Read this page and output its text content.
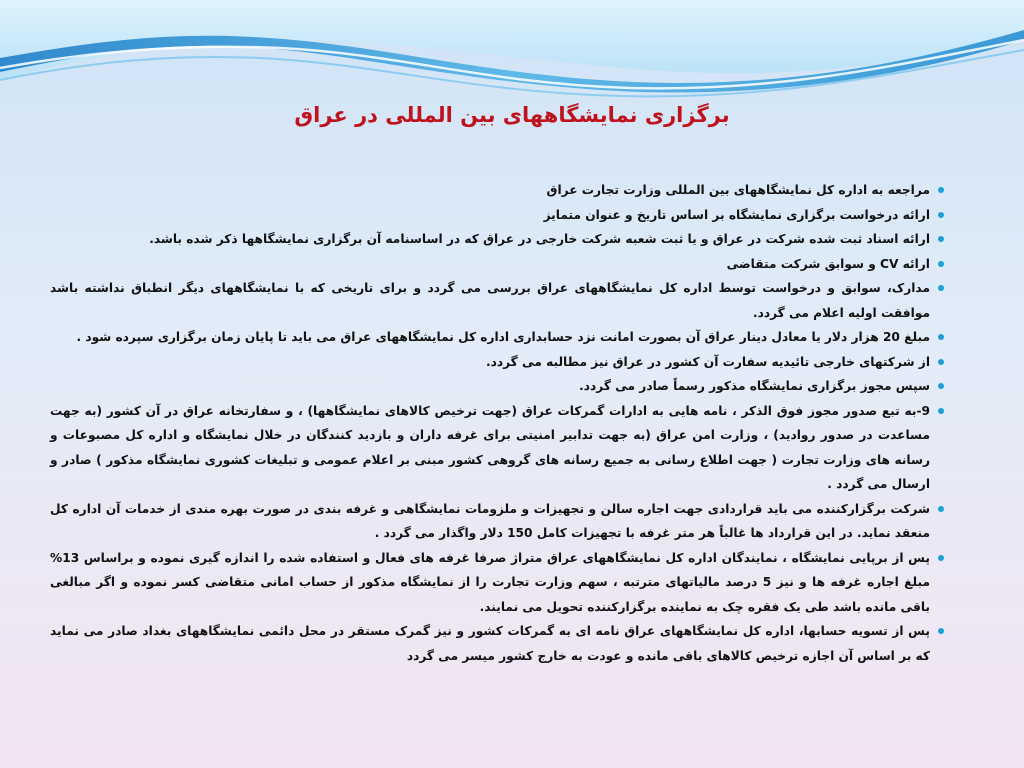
برگزاری نمایشگاههای بین المللی در عراق
مراجعه به اداره کل نمایشگاههای بین المللی وزارت تجارت عراق
ارائه درخواست برگزاری نمایشگاه بر اساس تاریخ و عنوان متمایز
ارائه اسناد ثبت شده شرکت در عراق و یا ثبت شعبه شرکت خارجی در عراق که در اساسنامه آن برگزاری نمایشگاهها ذکر شده باشد.
ارائه CV و سوابق شرکت متقاضی
مدارک، سوابق و درخواست توسط اداره کل نمایشگاههای عراق بررسی می گردد و برای تاریخی که با نمایشگاههای دیگر انطباق نداشته باشد موافقت اولیه اعلام می گردد.
مبلغ 20 هزار دلار یا معادل دینار عراق آن بصورت امانت نزد حسابداری اداره کل نمایشگاههای عراق می باید تا پایان زمان برگزاری سپرده شود .
از شرکتهای خارجی تائیدیه سفارت آن کشور در عراق نیز مطالبه می گردد.
سپس مجوز برگزاری نمایشگاه مذکور رسماً صادر می گردد.
9-به تبع صدور مجوز فوق الذکر ، نامه هایی به ادارات گمرکات عراق (جهت ترخیص کالاهای نمایشگاهها) ، و سفارتخانه عراق در آن کشور (به جهت مساعدت در صدور روادید) ، وزارت امن عراق (به جهت تدابیر امنیتی برای غرفه داران و بازدید کنندگان در خلال نمایشگاه و اداره کل مصبوعات و رسانه های وزارت تجارت ( جهت اطلاع رسانی به جمیع رسانه های گروهی کشور مبنی بر اعلام عمومی و تبلیغات کشوری نمایشگاه مذکور ) صادر و ارسال می گردد .
شرکت برگزارکننده می باید قراردادی جهت اجاره سالن و تجهیزات و ملزومات نمایشگاهی و غرفه بندی در صورت بهره مندی از خدمات آن اداره کل منعقد نماید. در این قرارداد ها غالباً هر متر غرفه با تجهیزات کامل 150 دلار واگذار می گردد .
پس از برپایی نمایشگاه ، نمایندگان اداره کل نمایشگاههای عراق متراژ صرفا غرفه های فعال و استفاده شده را اندازه گیری نموده و براساس 13% مبلغ اجاره غرفه ها و نیز 5 درصد مالیاتهای مترتبه ، سهم وزارت تجارت را از نمایشگاه مذکور از حساب امانی متقاضی کسر نموده و اگر مبالغی باقی مانده باشد طی یک فقره چک به نماینده برگزارکننده تحویل می نمایند.
پس از تسویه حسابها، اداره کل نمایشگاههای عراق نامه ای به گمرکات کشور و نیز گمرک مستقر در محل دائمی نمایشگاههای بغداد صادر می نماید که بر اساس آن اجازه ترخیص کالاهای باقی مانده و عودت به خارج کشور میسر می گردد
